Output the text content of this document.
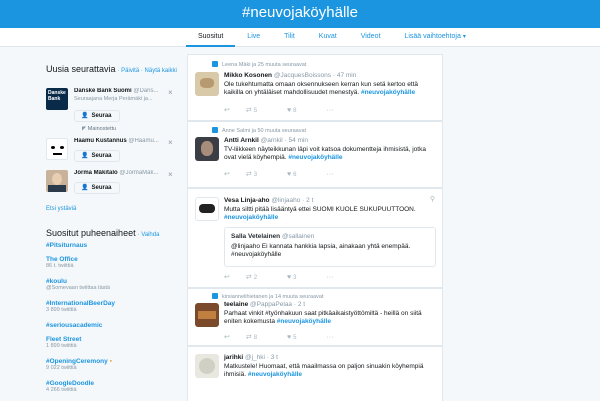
#neuvojaköyhälle
Suositut	Live	Tilit	Kuvat	Videot	Lisää vaihtoehtoja ▾
Uusia seurattavia · Päivitä · Näytä kaikki
Danske Bank
Danske Bank Suomi @Dans...
Seuraajana Merja Perämäki ja...
×
👤 Seuraa
◤ Mainostettu
Haamu Kustannus @Haamu...	×
👤 Seuraa
Jorma Mäkitalo @JormaMak...	×
👤 Seuraa
Etsi ystäviä
Suositut puheenaiheet · Vaihda
#Pitsiturnaus
The Office
86 t. twiittiä
#koulu
@Somevaan twiittaa tästä
#InternationalBeerDay
3 899 twiittiä
#seriousacademic
Fleet Street
1 899 twiittiä
#OpeningCeremony ▪
9 022 twiittiä
#GoogleDoodle
4 266 twiittiä
Leena Mäki ja 25 muuta seuraavat
Mikko Kosonen @JacquesBoissons · 47 min
Ole tukehtumatta omaan oksennukseen kerran kun setä kertoo että kaikilla on yhtäläiset mahdollisuudet menestyä. #neuvojaköyhälle
↩ ⇄ 5	♥ 8	···
Anne Salmi ja 50 muuta seuraavat
Antti Arnkil @arnkil · 54 min
TV-liikkeen näyteikkunan läpi voit katsoa dokumentteja ihmisistä, jotka ovat vielä köyhempiä. #neuvojaköyhälle
↩ ⇄ 3	♥ 6	···
Vesa Linja-aho @linjaaho · 2 t	⚲
Mutta siltti pitää lisääntyä ettei SUOMI KUOLE SUKUPUUTTOON. #neuvojaköyhälle
Salla Vetelainen @sallainen
@linjaaho Ei kannata hankkia lapsia, ainakaan yhtä enempää. #neuvojaköyhälle
↩ ⇄ 2	♥ 3	···
kirsiannelihietanen ja 14 muuta seuraavat
teelaine @PappaPelaa · 2 t
Parhaat vinkit #työnhakuun saat pitkäaikaistyöttömiltä - heillä on siitä eniten kokemusta #neuvojaköyhälle
↩ ⇄ 8	♥ 5	···
jarihki @j_hki · 3 t
Matkustele! Huomaat, että maailmassa on paljon sinuakin köyhempiä ihmisiä. #neuvojaköyhälle
